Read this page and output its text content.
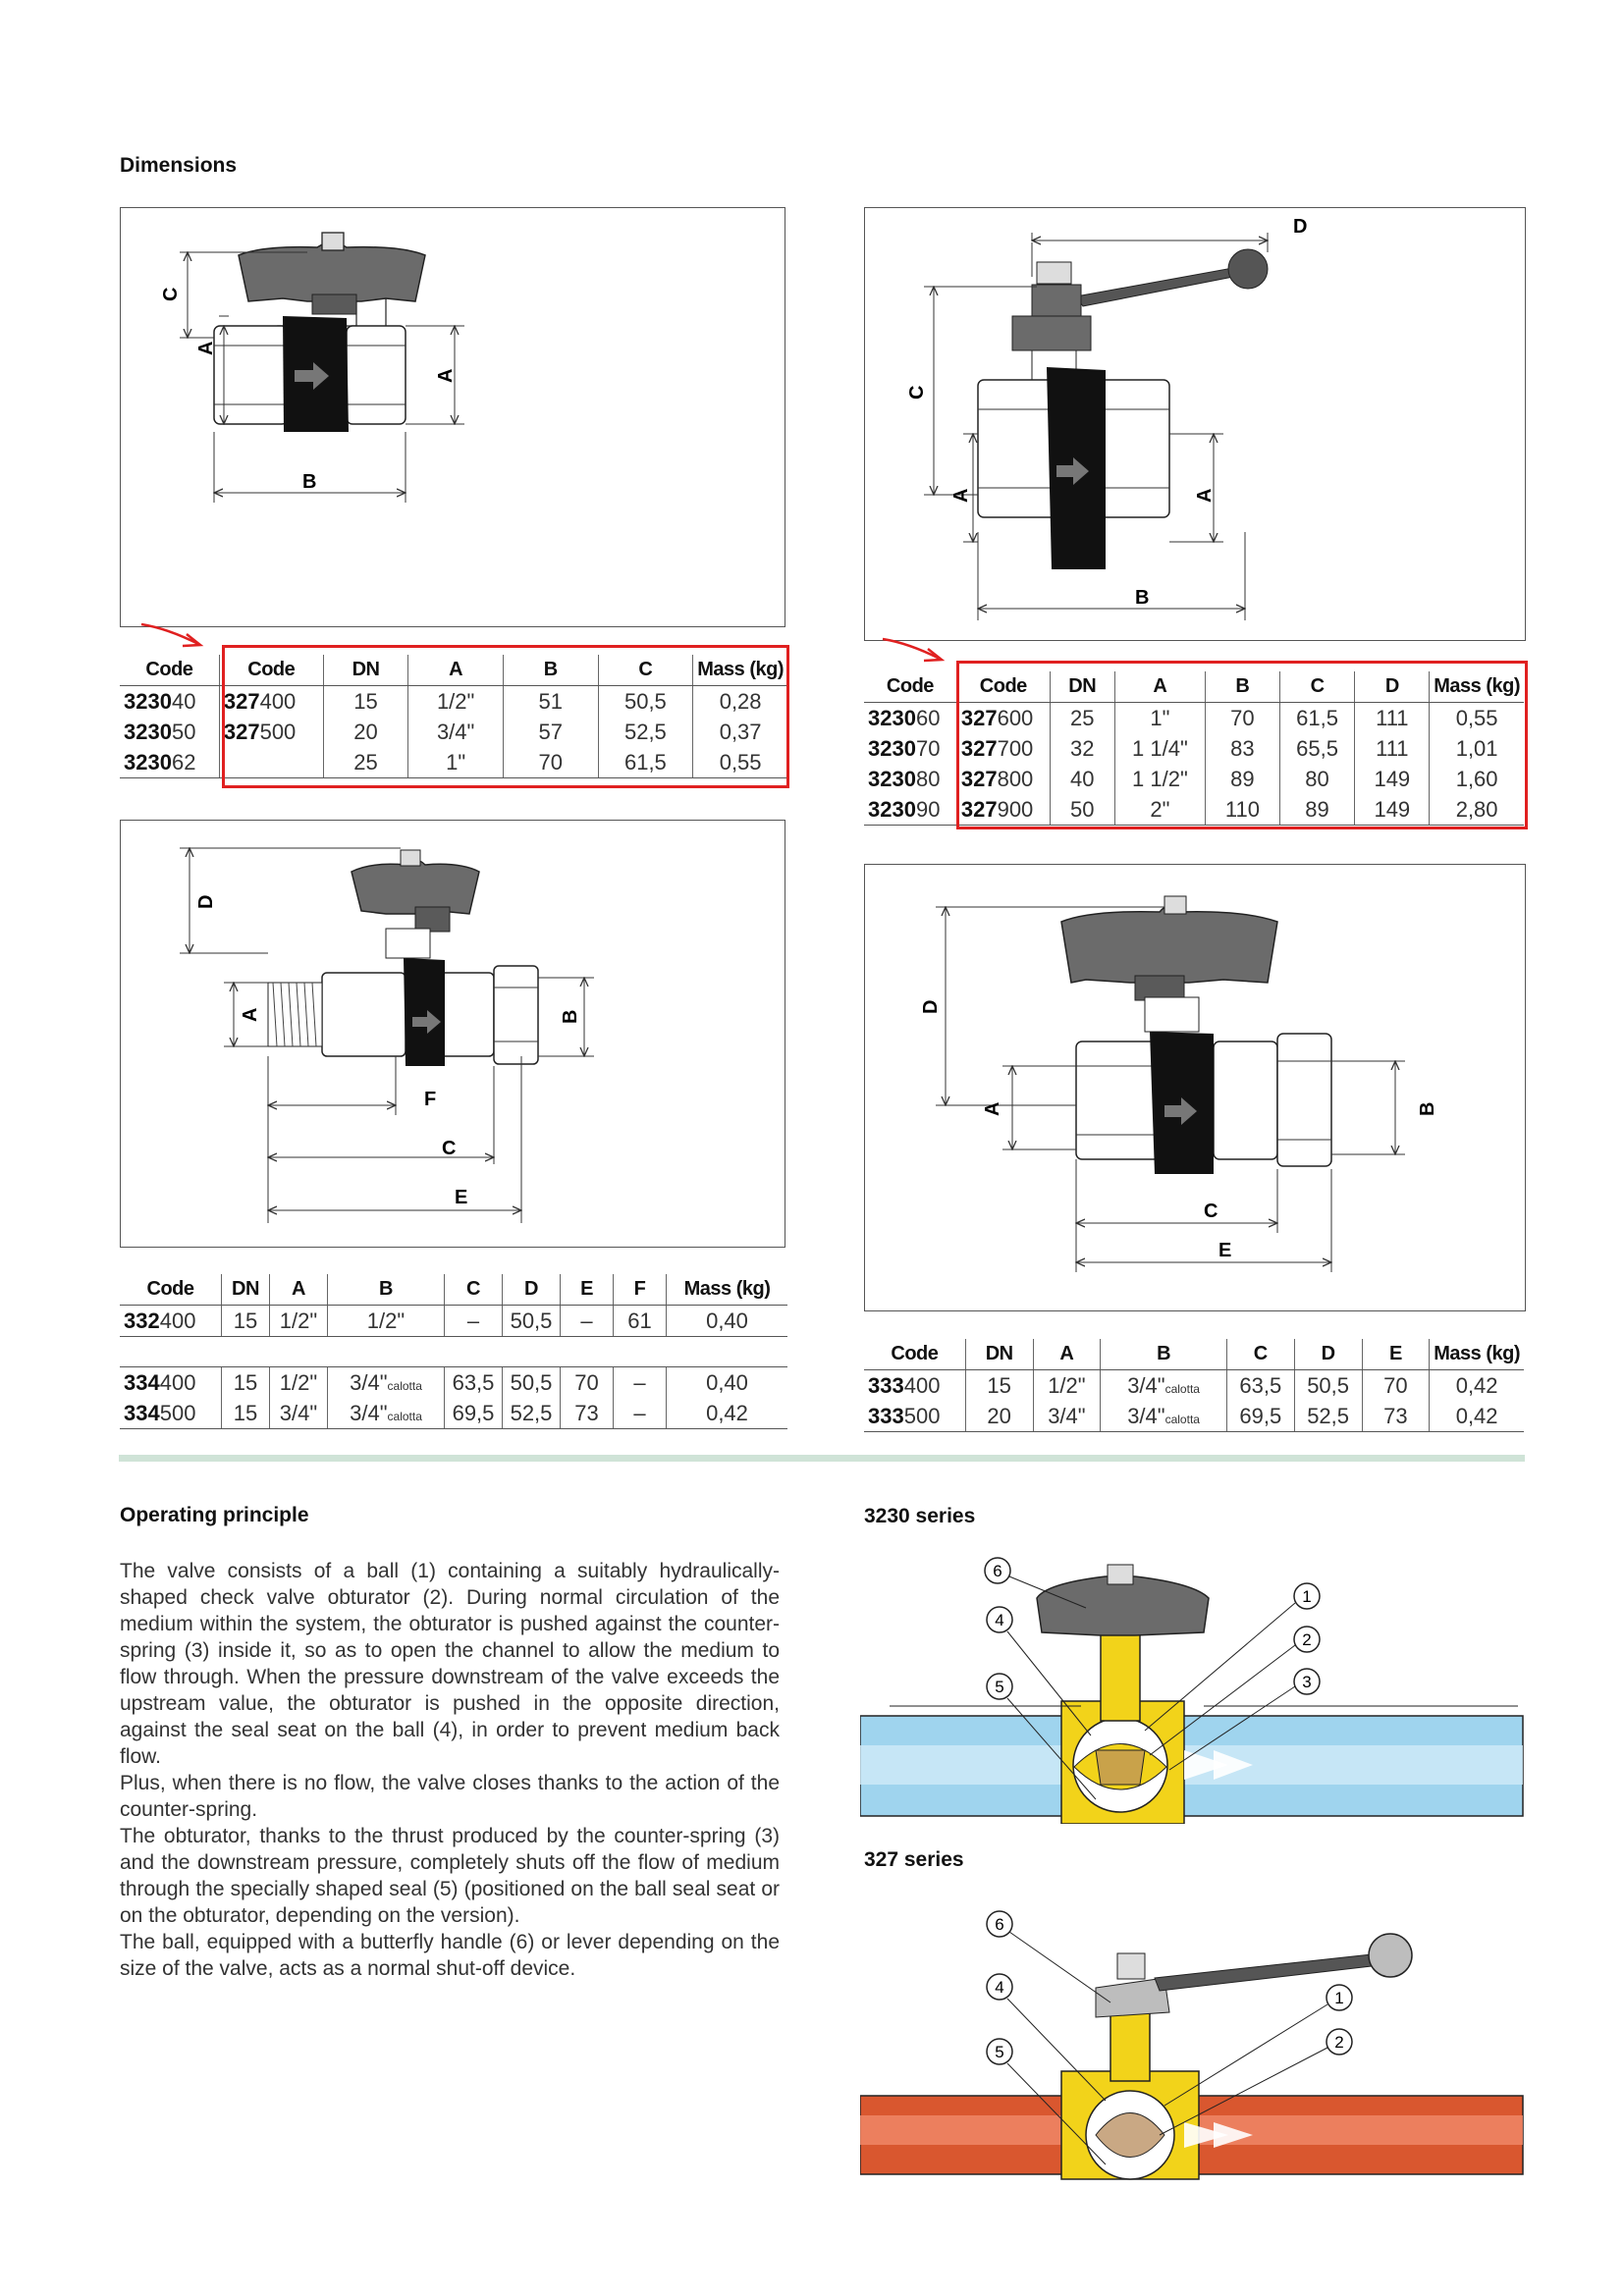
Dimensions
A
A
C
B
C
A	A
D
B
Code	Code	DN	A	B	C	Mass (kg)
323040	327400	15	1/2"	51	50,5	0,28
323050	327500	20	3/4"	57	52,5	0,37
323062		25	1"	70	61,5	0,55
Code	Code	DN	A	B	C	D	Mass (kg)
323060	327600	25	1"	70	61,5	111	0,55
323070	327700	32	1 1/4"	83	65,5	111	1,01
323080	327800	40	1 1/2"	89	80	149	1,60
323090	327900	50	2"	110	89	149	2,80
D
A	B
F
C
E
D
A	B
C
E
Code	DN	A	B	C	D	E	F	Mass (kg)
332400	15	1/2"	1/2"	–	50,5	–	61	0,40

334400	15	1/2"	3/4"calotta	63,5	50,5	70	–	0,40
334500	15	3/4"	3/4"calotta	69,5	52,5	73	–	0,42
Code	DN	A	B	C	D	E	Mass (kg)
333400	15	1/2"	3/4"calotta	63,5	50,5	70	0,42
333500	20	3/4"	3/4"calotta	69,5	52,5	73	0,42
Operating principle

The valve consists of a ball (1) containing a suitably hydraulically-shaped check valve obturator (2). During normal circulation of the medium within the system, the obturator is pushed against the counter-spring (3) inside it, so as to open the channel to allow the medium to flow through. When the pressure downstream of the valve exceeds the upstream value, the obturator is pushed in the opposite direction, against the seal seat on the ball (4), in order to prevent medium back flow.

Plus, when there is no flow, the valve closes thanks to the action of the counter-spring.

The obturator, thanks to the thrust produced by the counter-spring (3) and the downstream pressure, completely shuts off the flow of medium through the specially shaped seal (5) (positioned on the ball seal seat or on the obturator, depending on the version).

The ball, equipped with a butterfly handle (6) or lever depending on the size of the valve, acts as a normal shut-off device.

3230 series
6
4
5
1
2
3
327 series
6
4
5
1
2
